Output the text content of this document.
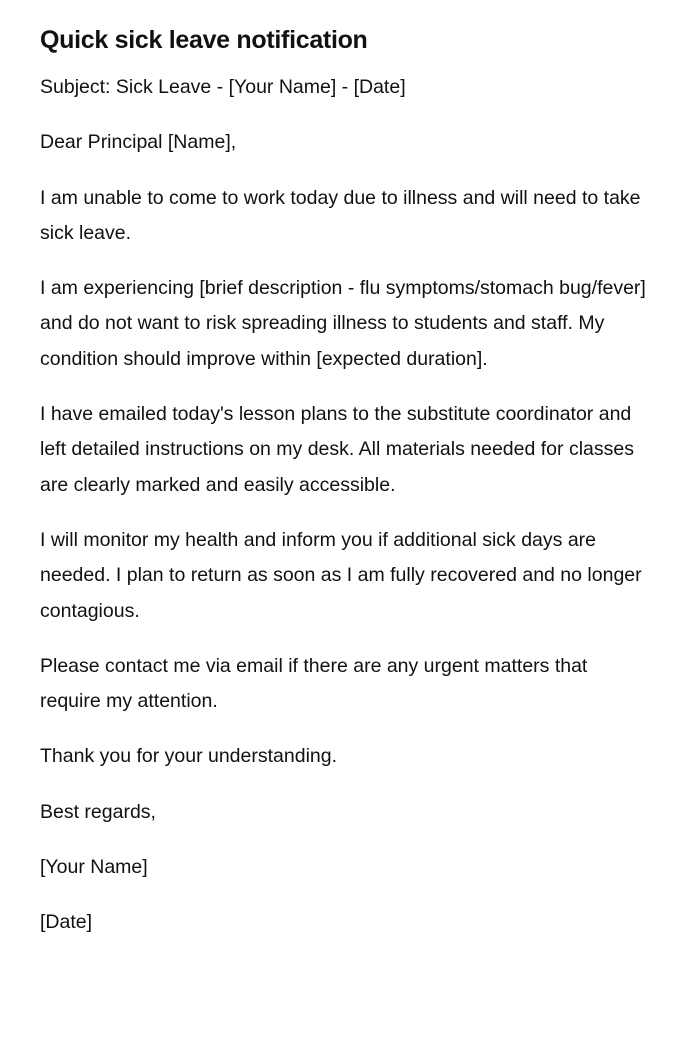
Quick sick leave notification

Subject: Sick Leave - [Your Name] - [Date]

Dear Principal [Name],

I am unable to come to work today due to illness and will need to take sick leave.

I am experiencing [brief description - flu symptoms/stomach bug/fever] and do not want to risk spreading illness to students and staff. My condition should improve within [expected duration].

I have emailed today's lesson plans to the substitute coordinator and left detailed instructions on my desk. All materials needed for classes are clearly marked and easily accessible.

I will monitor my health and inform you if additional sick days are needed. I plan to return as soon as I am fully recovered and no longer contagious.

Please contact me via email if there are any urgent matters that require my attention.

Thank you for your understanding.

Best regards,

[Your Name]

[Date]
